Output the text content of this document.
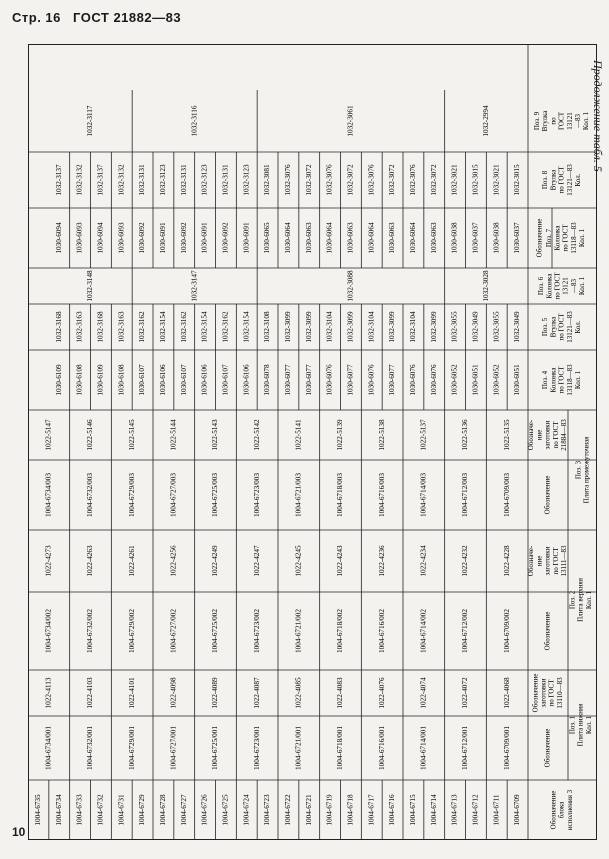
Стр. 16 ГОСТ 21882—83
Продолжение табл. 5
Обозначение блока исполнения 3
Поз. 1 Плита нижняя Кол. 1
Обозначение
Обозначение заготовки по ГОСТ 13110—83
Поз. 2 Плита верхняя Кол. 1
Обозначение
Обозначе- ние заготовки по ГОСТ 13111—83
Поз. 3 Плита промежуточная
Обозначение
Обозначе- ние заготовки по ГОСТ 21884—83
Поз. 4 Колонка по ГОСТ 13118—83 Кол. 1
Поз. 5 Втулка по ГОСТ 13121—83 Кол.
Поз. 6 Колонка по ГОСТ 13121 —83 Кол. 1
Поз. 7 Колонка по ГОСТ 13118—83 Кол. 1
Обозначение
Поз. 9 Втулка по ГОСТ 13121 —83 Кол. 1
Поз. 8 Втулка по ГОСТ 13121—83 Кол.
1004-6709
1004-6711
1004-6712
1004-6713
1004-6714
1004-6715
1004-6716
1004-6717
1004-6718
1004-6719
1004-6721
1004-6722
1004-6723
1004-6724
1004-6725
1004-6726
1004-6727
1004-6728
1004-6729
1004-6731
1004-6732
1004-6733
1004-6734
1004-6735
1004-6709/001
1004-6712/001
1004-6714/001
1004-6716/001
1004-6718/001
1004-6721/001
1004-6723/001
1004-6725/001
1004-6727/001
1004-6729/001
1004-6732/001
1004-6734/001
1022-4068
1022-4072
1022-4074
1022-4076
1022-4083
1022-4085
1022-4087
1022-4089
1022-4098
1022-4101
1022-4103
1022-4113
1004-6709/002
1004-6712/002
1004-6714/002
1004-6716/002
1004-6718/002
1004-6721/002
1004-6723/002
1004-6725/002
1004-6727/002
1004-6729/002
1004-6732/002
1004-6734/002
1022-4228
1022-4232
1022-4234
1022-4236
1022-4243
1022-4245
1022-4247
1022-4249
1022-4256
1022-4261
1022-4263
1022-4273
1004-6709/003
1004-6712/003
1004-6714/003
1004-6716/003
1004-6718/003
1004-6721/003
1004-6723/003
1004-6725/003
1004-6727/003
1004-6729/003
1004-6732/003
1004-6734/003
1022-5135
1022-5136
1022-5137
1022-5138
1022-5139
1022-5141
1022-5142
1022-5143
1022-5144
1022-5145
1022-5146
1022-5147
1030-6051
1030-6052
1030-6051
1030-6052
1030-6076
1030-6076
1030-6077
1030-6076
1030-6077
1030-6076
1030-6077
1030-6077
1030-6078
1030-6106
1030-6107
1030-6106
1030-6107
1030-6106
1030-6107
1030-6108
1030-6109
1030-6108
1030-6109
1032-3049
1032-3055
1032-3049
1032-3055
1032-3099
1032-3104
1032-3099
1032-3104
1032-3099
1032-3104
1032-3099
1032-3099
1032-3108
1032-3154
1032-3162
1032-3154
1032-3162
1032-3154
1032-3162
1032-3163
1032-3168
1032-3163
1032-3168
1030-6037
1030-6038
1030-6037
1030-6038
1030-6063
1030-6064
1030-6063
1030-6064
1030-6063
1030-6064
1030-6063
1030-6064
1030-6065
1030-6091
1030-6092
1030-6091
1030-6092
1030-6091
1030-6092
1030-6093
1030-6094
1030-6093
1030-6094
1032-3015
1032-3021
1032-3015
1032-3021
1032-3072
1032-3076
1032-3072
1032-3076
1032-3072
1032-3076
1032-3072
1032-3076
1032-3081
1032-3123
1032-3131
1032-3123
1032-3131
1032-3123
1032-3131
1032-3132
1032-3137
1032-3132
1032-3137
1032-3028
1032-3088
1032-3147
1032-3148
1032-2994
1032-3061
1032-3116
1032-3117
10
